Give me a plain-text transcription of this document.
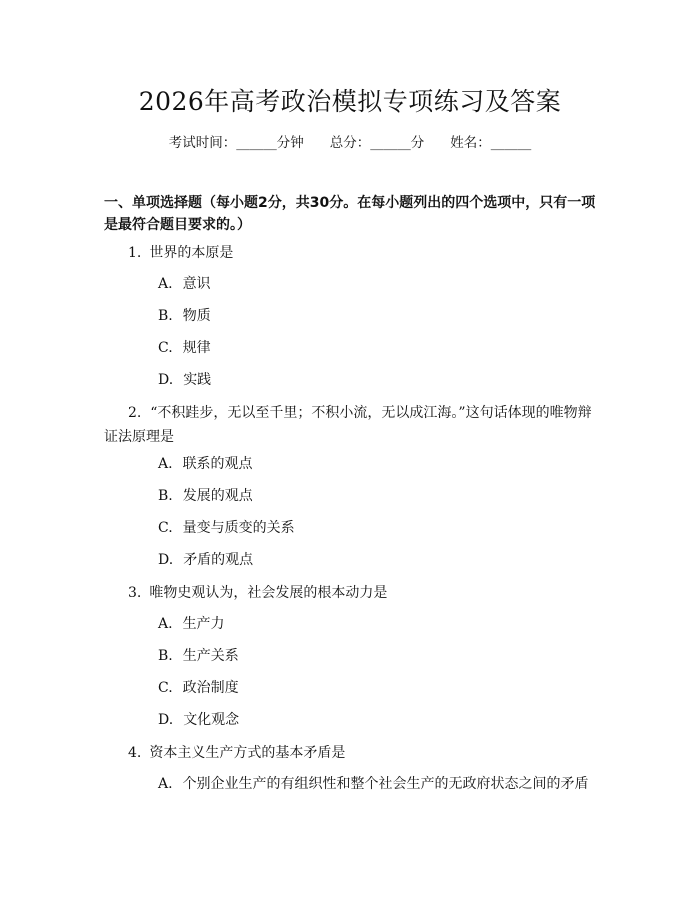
2026年高考政治模拟专项练习及答案
考试时间：______分钟 总分：______分 姓名：______
一、单项选择题（每小题2分，共30分。在每小题列出的四个选项中，只有一项是最符合题目要求的。）
1. 世界的本原是
A. 意识
B. 物质
C. 规律
D. 实践
2. “不积跬步，无以至千里；不积小流，无以成江海。”这句话体现的唯物辩证法原理是
A. 联系的观点
B. 发展的观点
C. 量变与质变的关系
D. 矛盾的观点
3. 唯物史观认为，社会发展的根本动力是
A. 生产力
B. 生产关系
C. 政治制度
D. 文化观念
4. 资本主义生产方式的基本矛盾是
A. 个别企业生产的有组织性和整个社会生产的无政府状态之间的矛盾
